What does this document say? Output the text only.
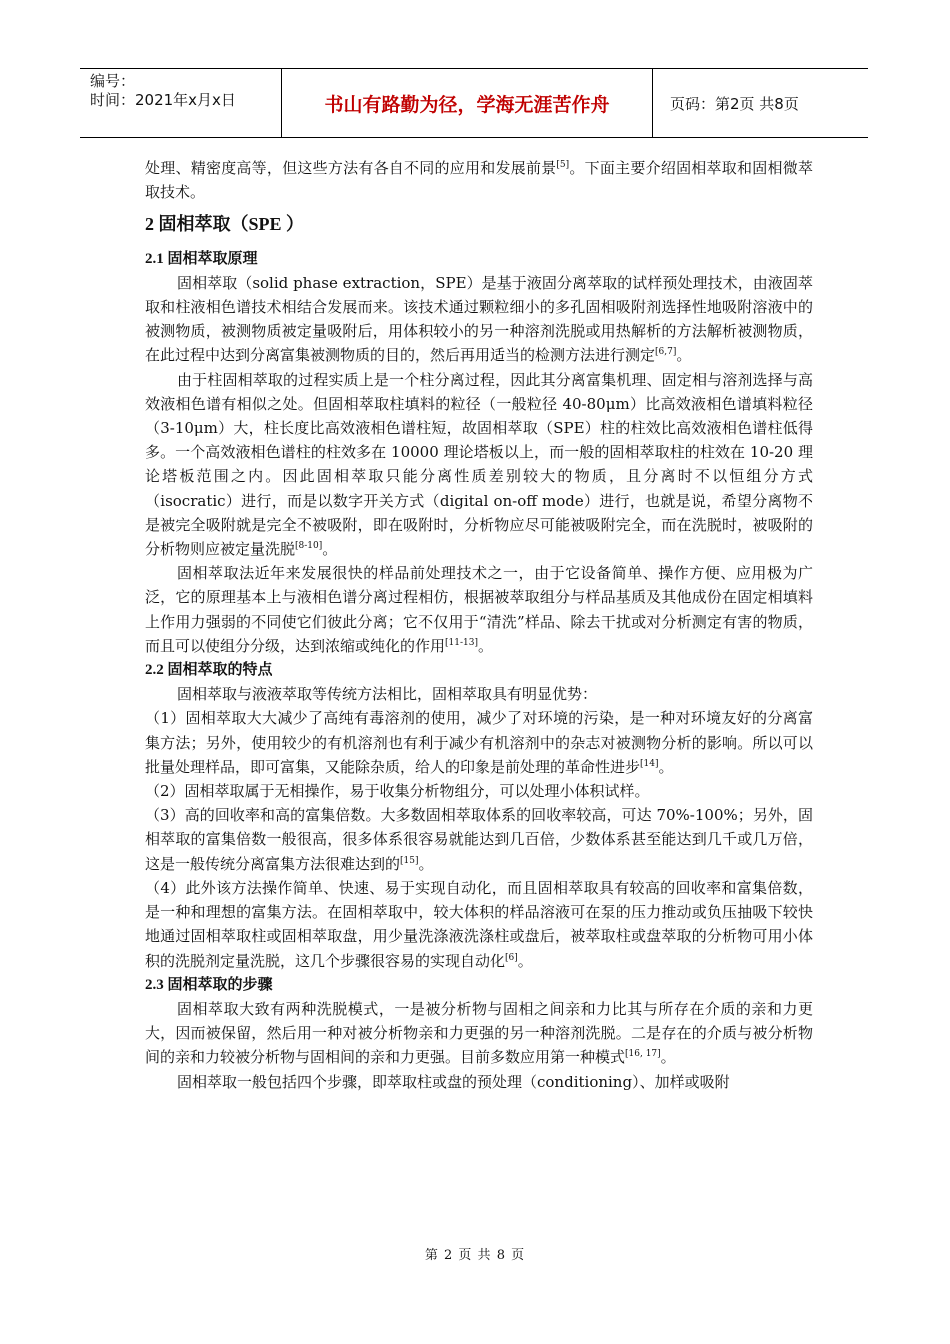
编号：
时间：2021年x月x日	书山有路勤为径，学海无涯苦作舟	页码：第2页 共8页

处理、精密度高等，但这些方法有各自不同的应用和发展前景[5]。下面主要介绍固相萃取和固相微萃取技术。

2 固相萃取（SPE ）

2.1 固相萃取原理

固相萃取（solid phase extraction，SPE）是基于液固分离萃取的试样预处理技术，由液固萃取和柱液相色谱技术相结合发展而来。该技术通过颗粒细小的多孔固相吸附剂选择性地吸附溶液中的被测物质，被测物质被定量吸附后，用体积较小的另一种溶剂洗脱或用热解析的方法解析被测物质，在此过程中达到分离富集被测物质的目的，然后再用适当的检测方法进行测定[6,7]。

由于柱固相萃取的过程实质上是一个柱分离过程，因此其分离富集机理、固定相与溶剂选择与高效液相色谱有相似之处。但固相萃取柱填料的粒径（一般粒径 40-80μm）比高效液相色谱填料粒径（3-10μm）大，柱长度比高效液相色谱柱短，故固相萃取（SPE）柱的柱效比高效液相色谱柱低得多。一个高效液相色谱柱的柱效多在 10000 理论塔板以上，而一般的固相萃取柱的柱效在 10-20 理论塔板范围之内。因此固相萃取只能分离性质差别较大的物质，且分离时不以恒组分方式（isocratic）进行，而是以数字开关方式（digital on-off mode）进行，也就是说，希望分离物不是被完全吸附就是完全不被吸附，即在吸附时，分析物应尽可能被吸附完全，而在洗脱时，被吸附的分析物则应被定量洗脱[8-10]。

固相萃取法近年来发展很快的样品前处理技术之一，由于它设备简单、操作方便、应用极为广泛，它的原理基本上与液相色谱分离过程相仿，根据被萃取组分与样品基质及其他成份在固定相填料上作用力强弱的不同使它们彼此分离；它不仅用于“清洗”样品、除去干扰或对分析测定有害的物质，而且可以使组分分级，达到浓缩或纯化的作用[11-13]。

2.2 固相萃取的特点

固相萃取与液液萃取等传统方法相比，固相萃取具有明显优势：

（1）固相萃取大大减少了高纯有毒溶剂的使用，减少了对环境的污染，是一种对环境友好的分离富集方法；另外，使用较少的有机溶剂也有利于减少有机溶剂中的杂志对被测物分析的影响。所以可以批量处理样品，即可富集，又能除杂质，给人的印象是前处理的革命性进步[14]。

（2）固相萃取属于无相操作，易于收集分析物组分，可以处理小体积试样。

（3）高的回收率和高的富集倍数。大多数固相萃取体系的回收率较高，可达 70%-100%；另外，固相萃取的富集倍数一般很高，很多体系很容易就能达到几百倍，少数体系甚至能达到几千或几万倍，这是一般传统分离富集方法很难达到的[15]。

（4）此外该方法操作简单、快速、易于实现自动化，而且固相萃取具有较高的回收率和富集倍数，是一种和理想的富集方法。在固相萃取中，较大体积的样品溶液可在泵的压力推动或负压抽吸下较快地通过固相萃取柱或固相萃取盘，用少量洗涤液洗涤柱或盘后，被萃取柱或盘萃取的分析物可用小体积的洗脱剂定量洗脱，这几个步骤很容易的实现自动化[6]。

2.3 固相萃取的步骤

固相萃取大致有两种洗脱模式，一是被分析物与固相之间亲和力比其与所存在介质的亲和力更大，因而被保留，然后用一种对被分析物亲和力更强的另一种溶剂洗脱。二是存在的介质与被分析物间的亲和力较被分析物与固相间的亲和力更强。目前多数应用第一种模式[16, 17]。

固相萃取一般包括四个步骤，即萃取柱或盘的预处理（conditioning）、加样或吸附

第 2 页 共 8 页
